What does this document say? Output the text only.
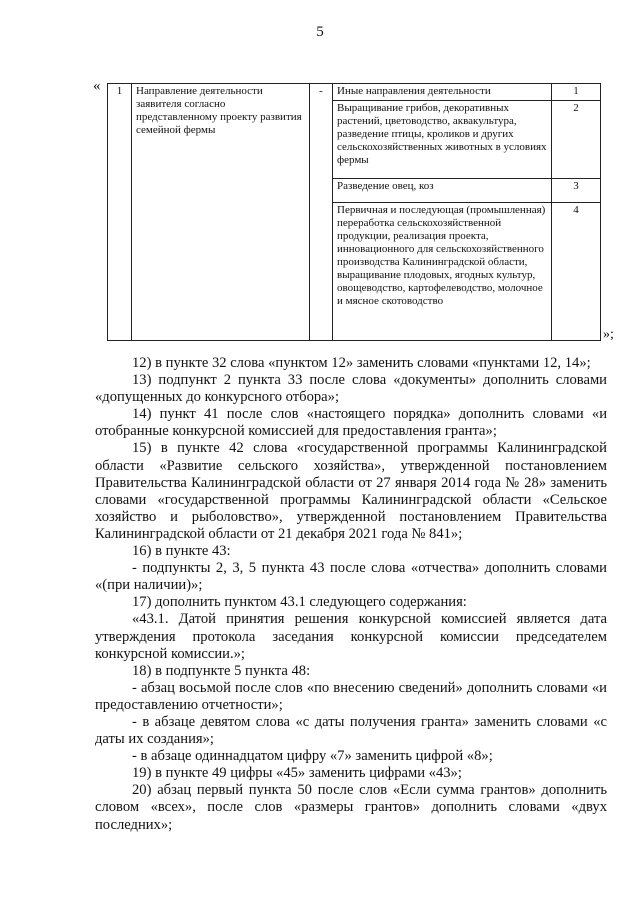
5
« 1	Направление деятельности заявителя согласно представленному проекту развития семейной фермы	-	Иные направления деятельности	1
			Выращивание грибов, декоративных растений, цветоводство, аквакультура, разведение птицы, кроликов и других сельскохозяйственных животных в условиях фермы	2
			Разведение овец, коз	3
			Первичная и последующая (промышленная) переработка сельскохозяйственной продукции, реализация проекта, инновационного для сельскохозяйственного производства Калининградской области, выращивание плодовых, ягодных культур, овощеводство, картофелеводство, молочное и мясное скотоводство	4
»;

12) в пункте 32 слова «пунктом 12» заменить словами «пунктами 12, 14»;

13) подпункт 2 пункта 33 после слова «документы» дополнить словами «допущенных до конкурсного отбора»;

14) пункт 41 после слов «настоящего порядка» дополнить словами «и отобранные конкурсной комиссией для предоставления гранта»;

15) в пункте 42 слова «государственной программы Калининградской области «Развитие сельского хозяйства», утвержденной постановлением Правительства Калининградской области от 27 января 2014 года № 28» заменить словами «государственной программы Калининградской области «Сельское хозяйство и рыболовство», утвержденной постановлением Правительства Калининградской области от 21 декабря 2021 года № 841»;

16) в пункте 43:

- подпункты 2, 3, 5 пункта 43 после слова «отчества» дополнить словами «(при наличии)»;

17) дополнить пунктом 43.1 следующего содержания:

«43.1. Датой принятия решения конкурсной комиссией является дата утверждения протокола заседания конкурсной комиссии председателем конкурсной комиссии.»;

18) в подпункте 5 пункта 48:

- абзац восьмой после слов «по внесению сведений» дополнить словами «и предоставлению отчетности»;

- в абзаце девятом слова «с даты получения гранта» заменить словами «с даты их создания»;

- в абзаце одиннадцатом цифру «7» заменить цифрой «8»;

19) в пункте 49 цифры «45» заменить цифрами «43»;

20) абзац первый пункта 50 после слов «Если сумма грантов» дополнить словом «всех», после слов «размеры грантов» дополнить словами «двух последних»;
